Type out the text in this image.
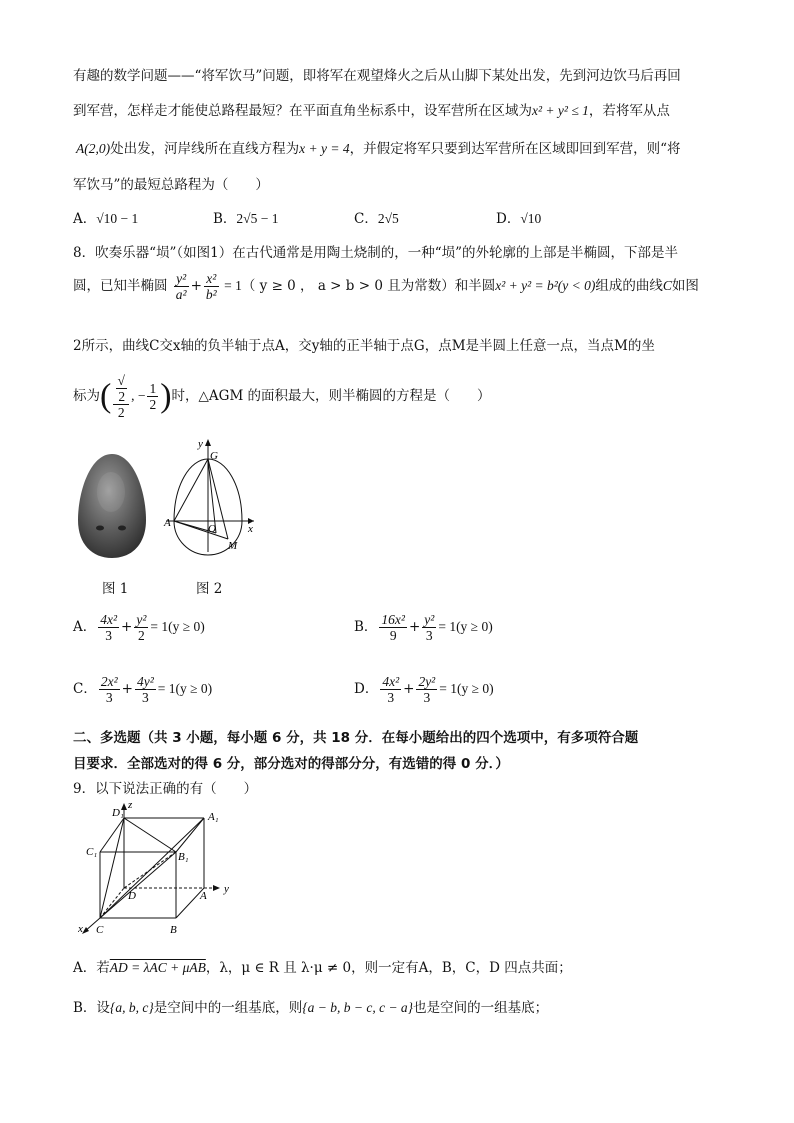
有趣的数学问题——“将军饮马”问题，即将军在观望烽火之后从山脚下某处出发，先到河边饮马后再回
到军营，怎样走才能使总路程最短？在平面直角坐标系中，设军营所在区域为x² + y² ≤ 1，若将军从点
A(2,0)处出发，河岸线所在直线方程为x + y = 4，并假定将军只要到达军营所在区域即回到军营，则“将
军饮马”的最短总路程为（　　）
A．√10 − 1	B．2√5 − 1	C．2√5	D．√10
8．吹奏乐器“埙”（如图1）在古代通常是用陶土烧制的，一种“埙”的外轮廓的上部是半椭圆，下部是半
圆，已知半椭圆 $\frac{\text{y²}}{\text{a²}} + \frac{\text{x²}}{\text{b²}} = 1$（ y ≥ 0 ， a > b > 0 且为常数）和半圆x² + y² = b²(y < 0)组成的曲线C如图
2所示，曲线C交x轴的负半轴于点A，交y轴的正半轴于点G，点M是半圆上任意一点，当点M的坐
标为( √
2
2 , − $\frac{1}{2}$ )时，△AGM 的面积最大，则半椭圆的方程是（　　）
y
x
G
A	O
M
图 1	图 2
A． $\frac{\text{4x²}}{3} + \frac{\text{y²}}{2} = 1(y \ge 0)$	B． $\frac{\text{16x²}}{9} + \frac{\text{y²}}{3} = 1(y \ge 0)$
C． $\frac{\text{2x²}}{3} + \frac{\text{4y²}}{3} = 1(y \ge 0)$	D． $\frac{\text{4x²}}{3} + \frac{\text{2y²}}{3} = 1(y \ge 0)$
二、多选题（共 3 小题，每小题 6 分，共 18 分．在每小题给出的四个选项中，有多项符合题
目要求．全部选对的得 6 分，部分选对的得部分分，有选错的得 0 分．）
9．以下说法正确的有（　　）
D₁	A₁
C₁	B₁
D	A
C	B
x
y
z
A．若AD = λAC + μAB，λ，μ ∈ R 且 λ·μ ≠ 0，则一定有A，B，C，D 四点共面；
B．设{a, b, c}是空间中的一组基底，则{a − b, b − c, c − a}也是空间的一组基底；
